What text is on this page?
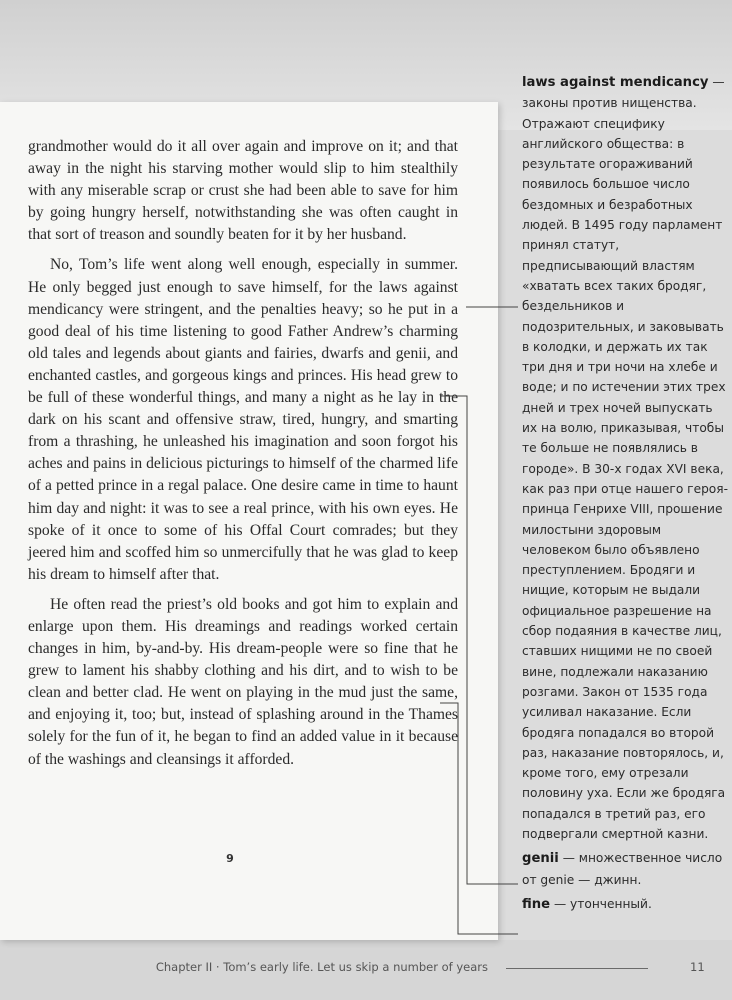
grandmother would do it all over again and improve on it; and that away in the night his starving mother would slip to him stealthily with any miserable scrap or crust she had been able to save for him by going hungry herself, notwithstanding she was often caught in that sort of treason and soundly beaten for it by her husband.

No, Tom’s life went along well enough, especially in summer. He only begged just enough to save himself, for the laws against mendicancy were stringent, and the penalties heavy; so he put in a good deal of his time listening to good Father Andrew’s charming old tales and legends about giants and fairies, dwarfs and genii, and enchanted castles, and gorgeous kings and princes. His head grew to be full of these wonderful things, and many a night as he lay in the dark on his scant and offensive straw, tired, hungry, and smarting from a thrashing, he unleashed his imagination and soon forgot his aches and pains in delicious picturings to himself of the charmed life of a petted prince in a regal palace. One desire came in time to haunt him day and night: it was to see a real prince, with his own eyes. He spoke of it once to some of his Offal Court comrades; but they jeered him and scoffed him so unmercifully that he was glad to keep his dream to himself after that.

He often read the priest’s old books and got him to explain and enlarge upon them. His dreamings and readings worked certain changes in him, by-and-by. His dream-people were so fine that he grew to lament his shabby clothing and his dirt, and to wish to be clean and better clad. He went on playing in the mud just the same, and enjoying it, too; but, instead of splashing around in the Thames solely for the fun of it, he began to find an added value in it because of the washings and cleansings it afforded.

9
laws against mendicancy — законы против нищенства. Отражают специфику английского общества: в результате огораживаний появилось большое число бездомных и безработных людей. В 1495 году парламент принял статут, предписывающий властям «хватать всех таких бродяг, бездельников и подозрительных, и заковывать в колодки, и держать их так три дня и три ночи на хлебе и воде; и по истечении этих трех дней и трех ночей выпускать их на волю, приказывая, чтобы те больше не появлялись в городе». В 30-х годах XVI века, как раз при отце нашего героя-принца Генрихе VIII, прошение милостыни здоровым человеком было объявлено преступлением. Бродяги и нищие, которым не выдали официальное разрешение на сбор подаяния в качестве лиц, ставших нищими не по своей вине, подлежали наказанию розгами. Закон от 1535 года усиливал наказание. Если бродяга попадался во второй раз, наказание повторялось, и, кроме того, ему отрезали половину уха. Если же бродяга попадался в третий раз, его подвергали смертной казни.
genii — множественное число от genie — джинн.
fine — утонченный.
Chapter II · Tom’s early life. Let us skip a number of years	11
